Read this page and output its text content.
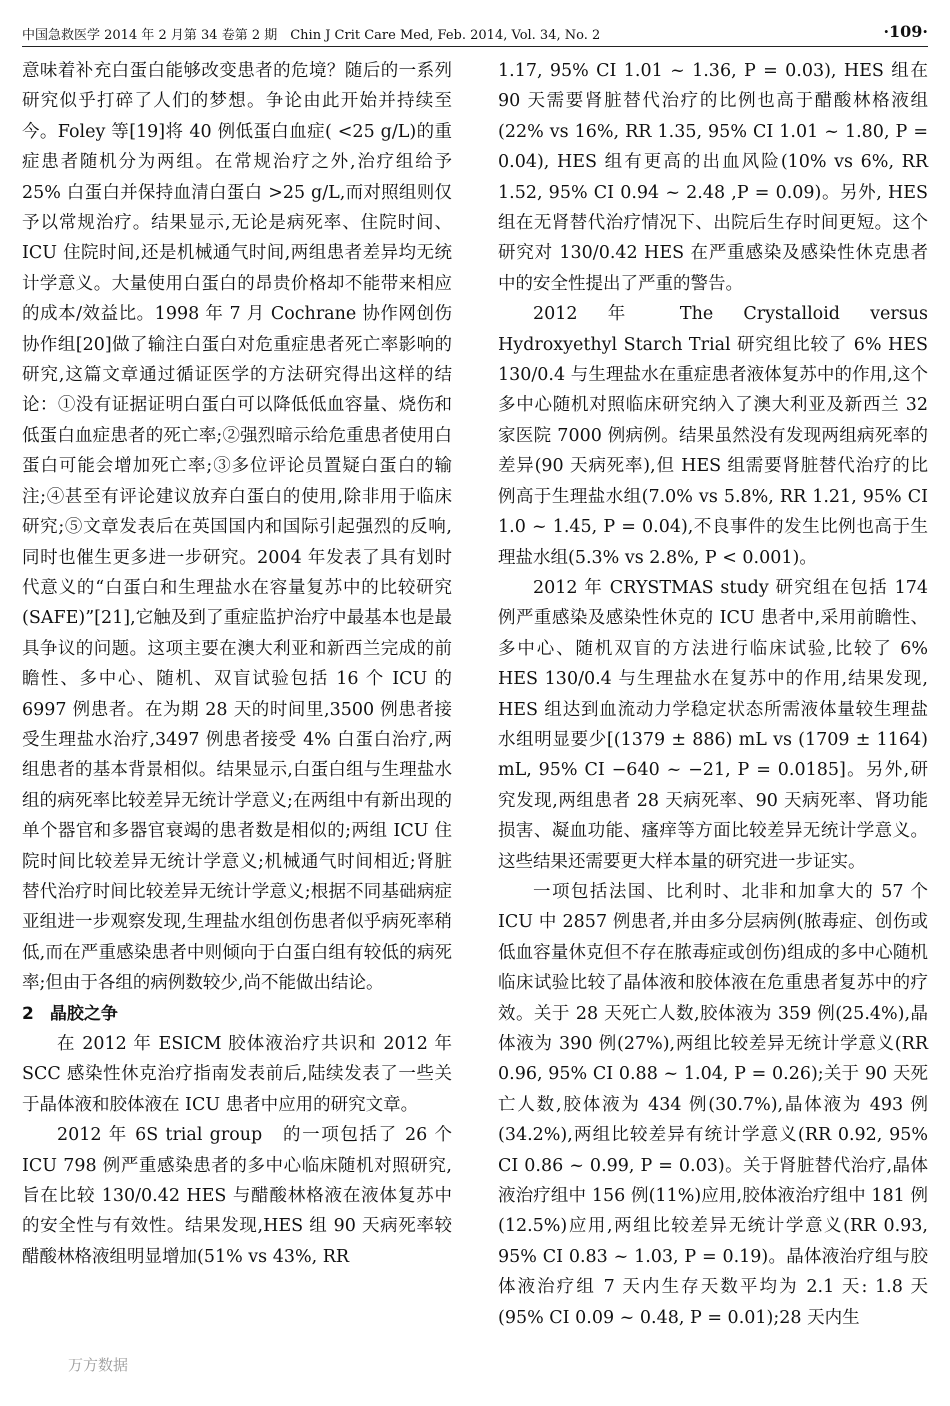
中国急救医学 2014 年 2 月第 34 卷第 2 期　Chin J Crit Care Med, Feb. 2014, Vol. 34, No. 2	·109·

意味着补充白蛋白能够改变患者的危境？随后的一系列研究似乎打碎了人们的梦想。争论由此开始并持续至今。Foley 等[19]将 40 例低蛋白血症( <25 g/L)的重症患者随机分为两组。在常规治疗之外,治疗组给予 25% 白蛋白并保持血清白蛋白 >25 g/L,而对照组则仅予以常规治疗。结果显示,无论是病死率、住院时间、ICU 住院时间,还是机械通气时间,两组患者差异均无统计学意义。大量使用白蛋白的昂贵价格却不能带来相应的成本/效益比。1998 年 7 月 Cochrane 协作网创伤协作组[20]做了输注白蛋白对危重症患者死亡率影响的研究,这篇文章通过循证医学的方法研究得出这样的结论：①没有证据证明白蛋白可以降低低血容量、烧伤和低蛋白血症患者的死亡率;②强烈暗示给危重患者使用白蛋白可能会增加死亡率;③多位评论员置疑白蛋白的输注;④甚至有评论建议放弃白蛋白的使用,除非用于临床研究;⑤文章发表后在英国国内和国际引起强烈的反响,同时也催生更多进一步研究。2004 年发表了具有划时代意义的“白蛋白和生理盐水在容量复苏中的比较研究(SAFE)”[21],它触及到了重症监护治疗中最基本也是最具争议的问题。这项主要在澳大利亚和新西兰完成的前瞻性、多中心、随机、双盲试验包括 16 个 ICU 的 6997 例患者。在为期 28 天的时间里,3500 例患者接受生理盐水治疗,3497 例患者接受 4% 白蛋白治疗,两组患者的基本背景相似。结果显示,白蛋白组与生理盐水组的病死率比较差异无统计学意义;在两组中有新出现的单个器官和多器官衰竭的患者数是相似的;两组 ICU 住院时间比较差异无统计学意义;机械通气时间相近;肾脏替代治疗时间比较差异无统计学意义;根据不同基础病症亚组进一步观察发现,生理盐水组创伤患者似乎病死率稍低,而在严重感染患者中则倾向于白蛋白组有较低的病死率;但由于各组的病例数较少,尚不能做出结论。

2 晶胶之争

在 2012 年 ESICM 胶体液治疗共识和 2012 年 SCC 感染性休克治疗指南发表前后,陆续发表了一些关于晶体液和胶体液在 ICU 患者中应用的研究文章。

2012 年 6S trial group　的一项包括了 26 个 ICU 798 例严重感染患者的多中心临床随机对照研究,旨在比较 130/0.42 HES 与醋酸林格液在液体复苏中的安全性与有效性。结果发现,HES 组 90 天病死率较醋酸林格液组明显增加(51% vs 43%, RR

1.17, 95% CI 1.01 ~ 1.36, P = 0.03), HES 组在 90 天需要肾脏替代治疗的比例也高于醋酸林格液组(22% vs 16%, RR 1.35, 95% CI 1.01 ~ 1.80, P = 0.04), HES 组有更高的出血风险(10% vs 6%, RR 1.52, 95% CI 0.94 ~ 2.48 ,P = 0.09)。另外, HES 组在无肾替代治疗情况下、出院后生存时间更短。这个研究对 130/0.42 HES 在严重感染及感染性休克患者中的安全性提出了严重的警告。

2012 年 The Crystalloid versus Hydroxyethyl Starch Trial 研究组比较了 6% HES 130/0.4 与生理盐水在重症患者液体复苏中的作用,这个多中心随机对照临床研究纳入了澳大利亚及新西兰 32 家医院 7000 例病例。结果虽然没有发现两组病死率的差异(90 天病死率),但 HES 组需要肾脏替代治疗的比例高于生理盐水组(7.0% vs 5.8%, RR 1.21, 95% CI 1.0 ~ 1.45, P = 0.04),不良事件的发生比例也高于生理盐水组(5.3% vs 2.8%, P < 0.001)。

2012 年 CRYSTMAS study 研究组在包括 174 例严重感染及感染性休克的 ICU 患者中,采用前瞻性、多中心、随机双盲的方法进行临床试验,比较了 6% HES 130/0.4 与生理盐水在复苏中的作用,结果发现, HES 组达到血流动力学稳定状态所需液体量较生理盐水组明显要少[(1379 ± 886) mL vs (1709 ± 1164) mL, 95% CI −640 ~ −21, P = 0.0185]。另外,研究发现,两组患者 28 天病死率、90 天病死率、肾功能损害、凝血功能、瘙痒等方面比较差异无统计学意义。这些结果还需要更大样本量的研究进一步证实。

一项包括法国、比利时、北非和加拿大的 57 个 ICU 中 2857 例患者,并由多分层病例(脓毒症、创伤或低血容量休克但不存在脓毒症或创伤)组成的多中心随机临床试验比较了晶体液和胶体液在危重患者复苏中的疗效。关于 28 天死亡人数,胶体液为 359 例(25.4%),晶体液为 390 例(27%),两组比较差异无统计学意义(RR 0.96, 95% CI 0.88 ~ 1.04, P = 0.26);关于 90 天死亡人数,胶体液为 434 例(30.7%),晶体液为 493 例(34.2%),两组比较差异有统计学意义(RR 0.92, 95% CI 0.86 ~ 0.99, P = 0.03)。关于肾脏替代治疗,晶体液治疗组中 156 例(11%)应用,胶体液治疗组中 181 例(12.5%)应用,两组比较差异无统计学意义(RR 0.93, 95% CI 0.83 ~ 1.03, P = 0.19)。晶体液治疗组与胶体液治疗组 7 天内生存天数平均为 2.1 天: 1.8 天(95% CI 0.09 ~ 0.48, P = 0.01);28 天内生

万方数据
